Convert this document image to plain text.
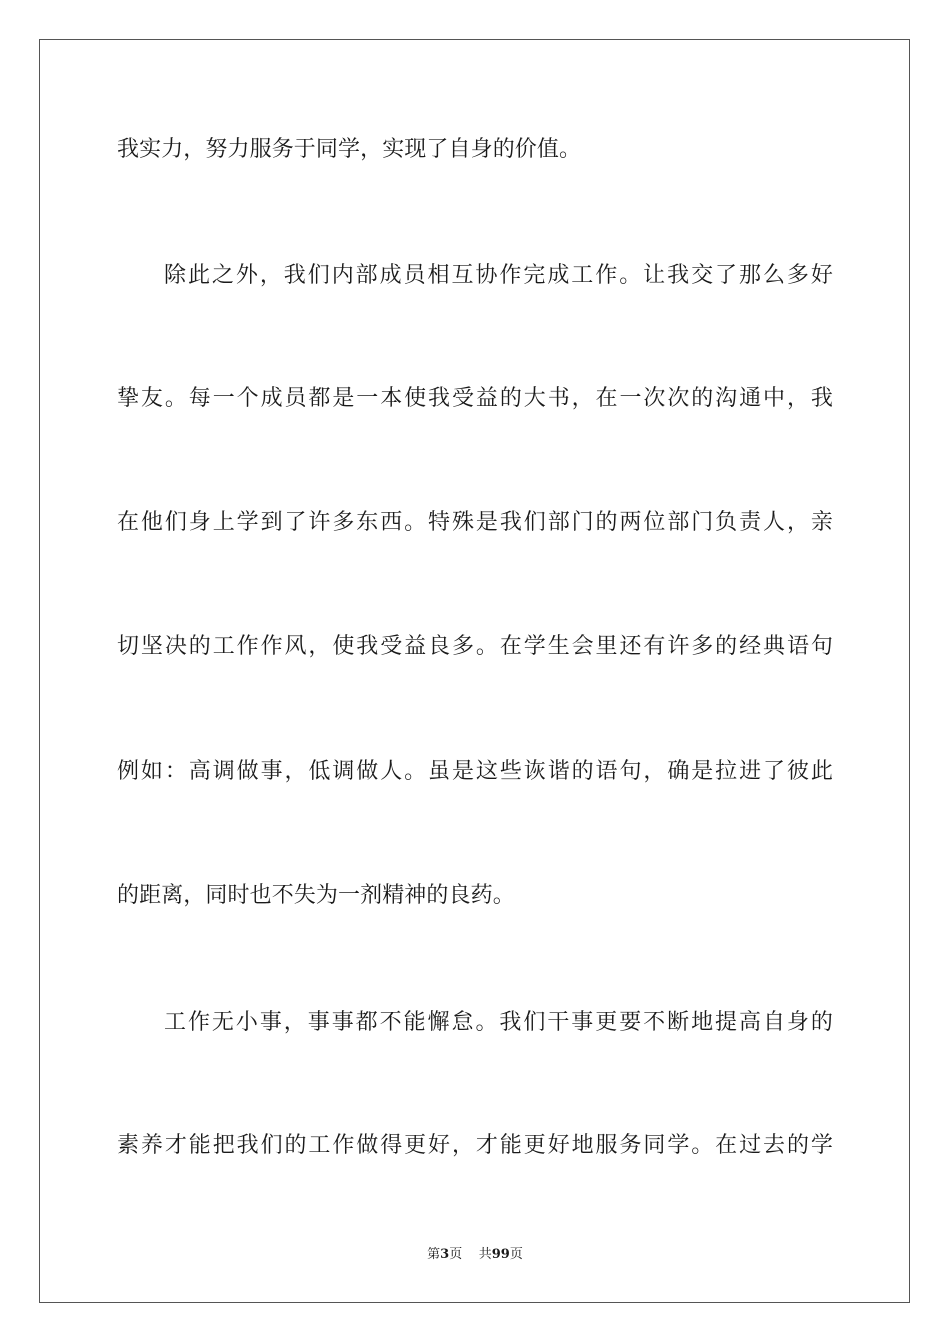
我实力，努力服务于同学，实现了自身的价值。
除此之外，我们内部成员相互协作完成工作。让我交了那么多好
挚友。每一个成员都是一本使我受益的大书，在一次次的沟通中，我
在他们身上学到了许多东西。特殊是我们部门的两位部门负责人，亲
切坚决的工作作风，使我受益良多。在学生会里还有许多的经典语句
例如：高调做事，低调做人。虽是这些诙谐的语句，确是拉进了彼此
的距离，同时也不失为一剂精神的良药。
工作无小事，事事都不能懈怠。我们干事更要不断地提高自身的
素养才能把我们的工作做得更好，才能更好地服务同学。在过去的学
第3页 共99页
